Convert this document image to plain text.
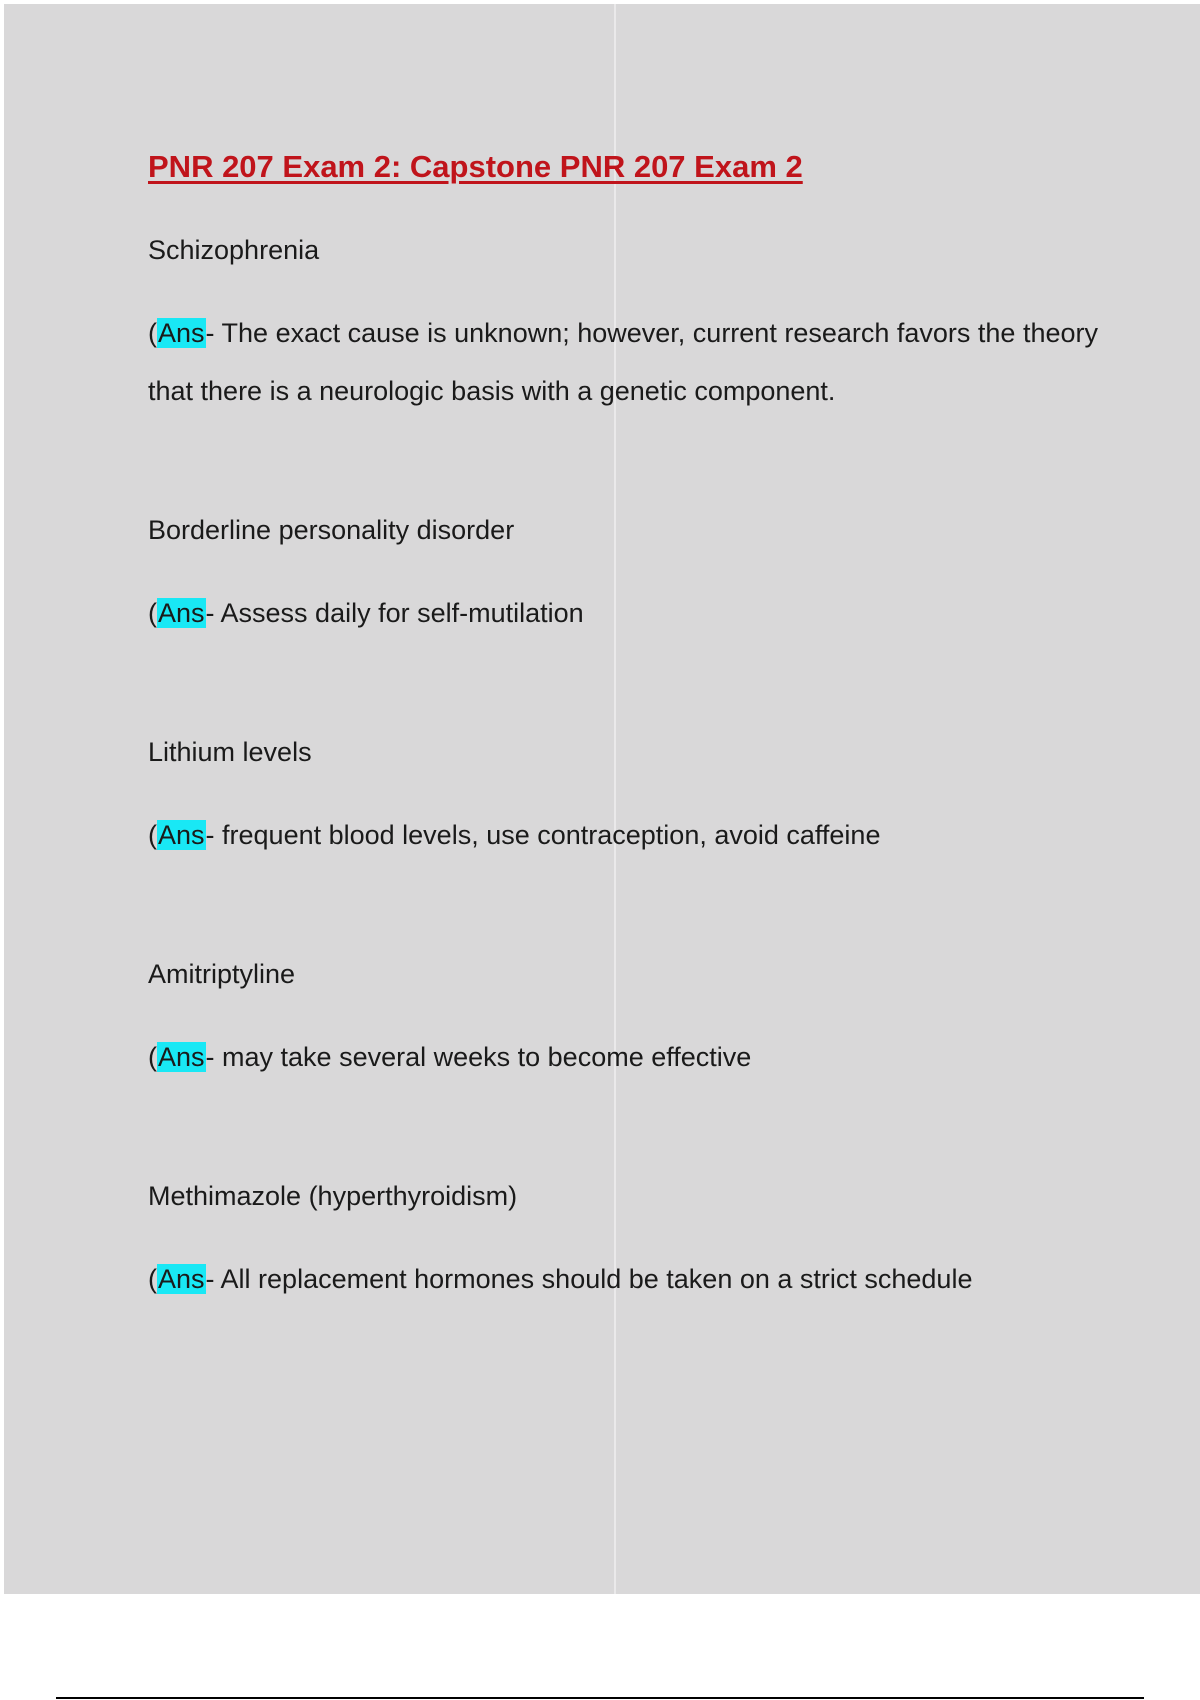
PNR 207 Exam 2: Capstone PNR 207 Exam 2

Schizophrenia

(Ans- The exact cause is unknown; however, current research favors the theory that there is a neurologic basis with a genetic component.

Borderline personality disorder

(Ans- Assess daily for self-mutilation

Lithium levels

(Ans- frequent blood levels, use contraception, avoid caffeine

Amitriptyline

(Ans- may take several weeks to become effective

Methimazole (hyperthyroidism)

(Ans- All replacement hormones should be taken on a strict schedule
